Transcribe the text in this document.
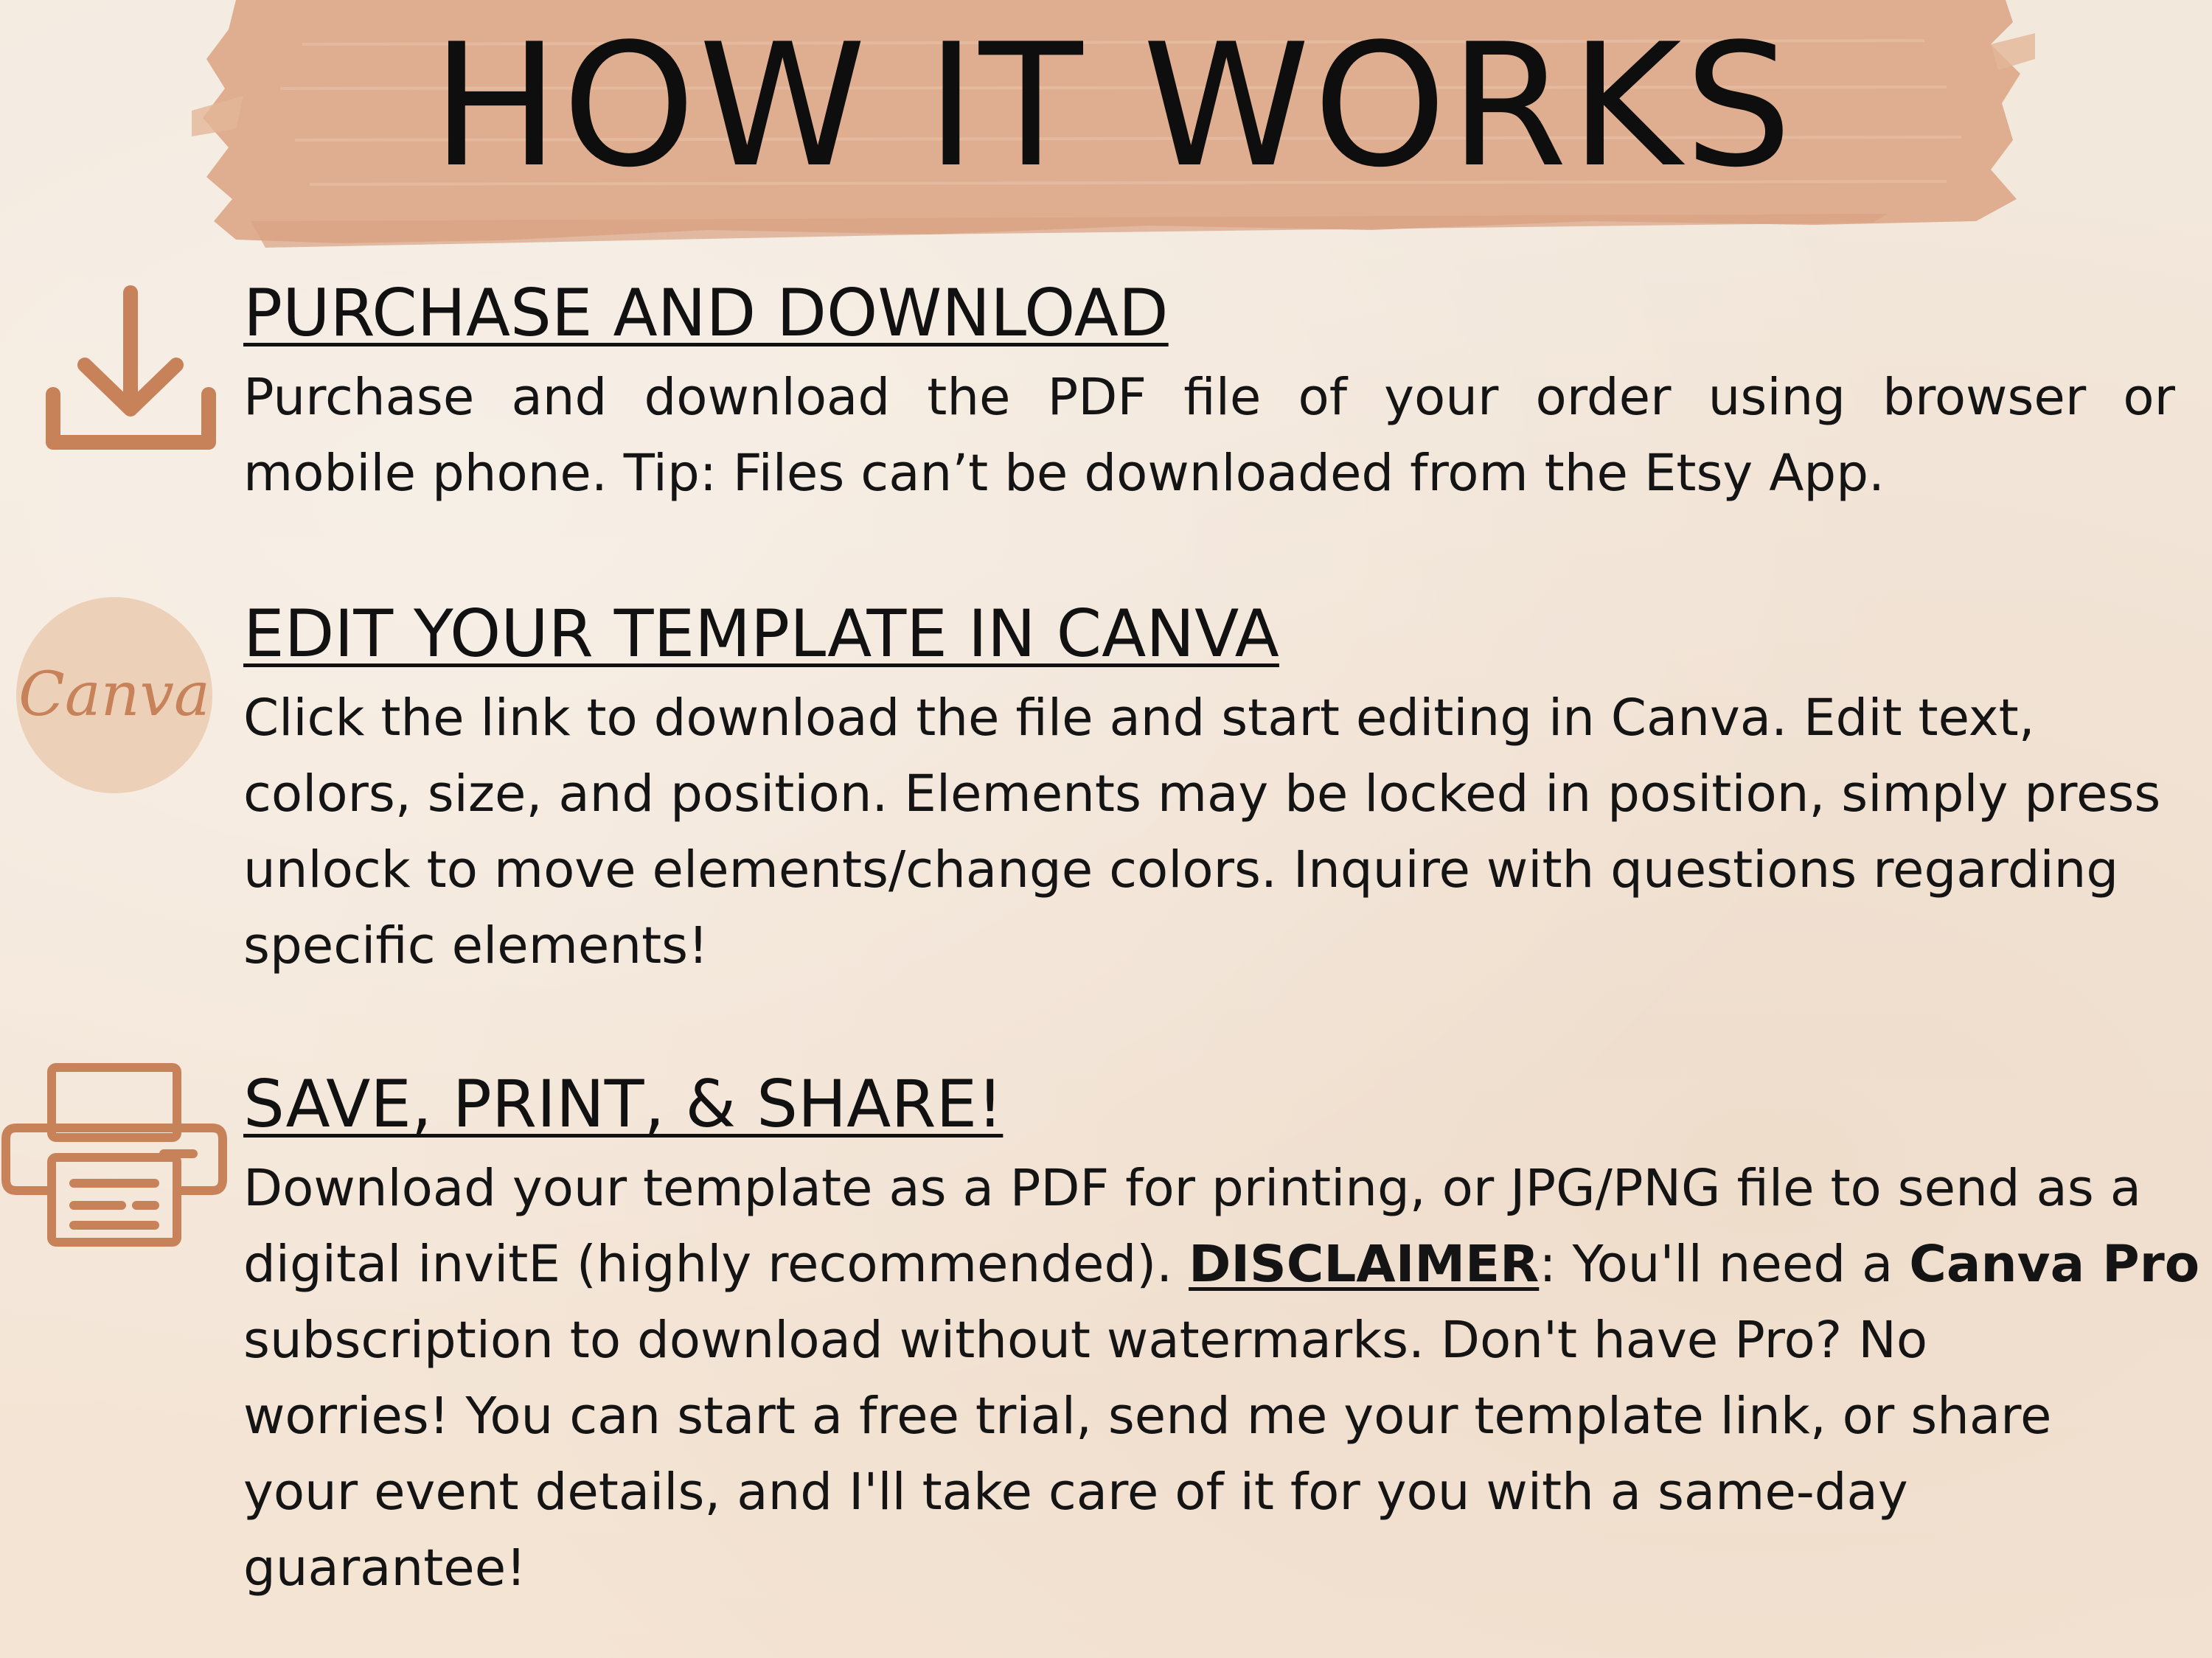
HOW IT WORKS
PURCHASE AND DOWNLOAD

Purchase and download the PDF file of your order using browser or
mobile phone. Tip: Files can’t be downloaded from the Etsy App.

Canva
EDIT YOUR TEMPLATE IN CANVA

Click the link to download the file and start editing in Canva. Edit text,
colors, size, and position. Elements may be locked in position, simply press
unlock to move elements/change colors. Inquire with questions regarding
specific elements!

SAVE, PRINT, & SHARE!

Download your template as a PDF for printing, or JPG/PNG file to send as a
digital invitE (highly recommended). DISCLAIMER: You'll need a Canva Pro
subscription to download without watermarks. Don't have Pro? No
worries! You can start a free trial, send me your template link, or share
your event details, and I'll take care of it for you with a same-day
guarantee!
